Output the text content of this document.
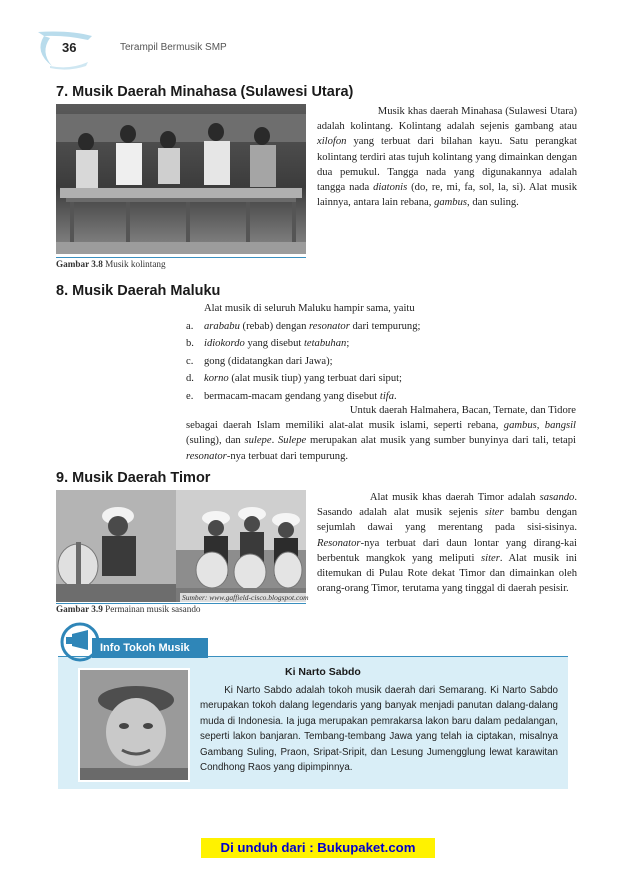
36	Terampil Bermusik SMP
7. Musik Daerah Minahasa (Sulawesi Utara)
Gambar 3.8 Musik kolintang
Musik khas daerah Minahasa (Sulawesi Utara) adalah kolintang. Kolintang adalah sejenis gambang atau xilofon yang terbuat dari bilahan kayu. Satu perangkat kolintang terdiri atas tujuh kolintang yang dimainkan dengan dua pemukul. Tangga nada yang digunakannya adalah tangga nada diatonis (do, re, mi, fa, sol, la, si). Alat musik lainnya, antara lain rebana, gambus, dan suling.
8. Musik Daerah Maluku
Alat musik di seluruh Maluku hampir sama, yaitu
a. arababu (rebab) dengan resonator dari tempurung;
b. idiokordo yang disebut tetabuhan;
c. gong (didatangkan dari Jawa);
d. korno (alat musik tiup) yang terbuat dari siput;
e. bermacam-macam gendang yang disebut tifa.
Untuk daerah Halmahera, Bacan, Ternate, dan Tidore sebagai daerah Islam memiliki alat-alat musik islami, seperti rebana, gambus, bangsil (suling), dan sulepe. Sulepe merupakan alat musik yang sumber bunyinya dari tali, tetapi resonator-nya terbuat dari tempurung.
9. Musik Daerah Timor
Sumber: www.gaffield-cisco.blogspot.com
Gambar 3.9 Permainan musik sasando
Alat musik khas daerah Timor adalah sasando. Sasando adalah alat musik sejenis siter bambu dengan sejumlah dawai yang merentang pada sisi-sisinya. Resonator-nya terbuat dari daun lontar yang dirang-kai berbentuk mangkok yang meliputi siter. Alat musik ini ditemukan di Pulau Rote dekat Timor dan dimainkan oleh orang-orang Timor, terutama yang tinggal di daerah pesisir.
Info Tokoh Musik
Ki Narto Sabdo
Ki Narto Sabdo adalah tokoh musik daerah dari Semarang. Ki Narto Sabdo merupakan tokoh dalang legendaris yang banyak menjadi panutan dalang-dalang muda di Indonesia. Ia juga merupakan pemrakarsa lakon baru dalam pedalangan, seperti lakon banjaran. Tembang-tembang Jawa yang telah ia ciptakan, misalnya Gambang Suling, Praon, Sripat-Sripit, dan Lesung Jumengglung lewat karawitan Condhong Raos yang dipimpinnya.
Di unduh dari : Bukupaket.com
